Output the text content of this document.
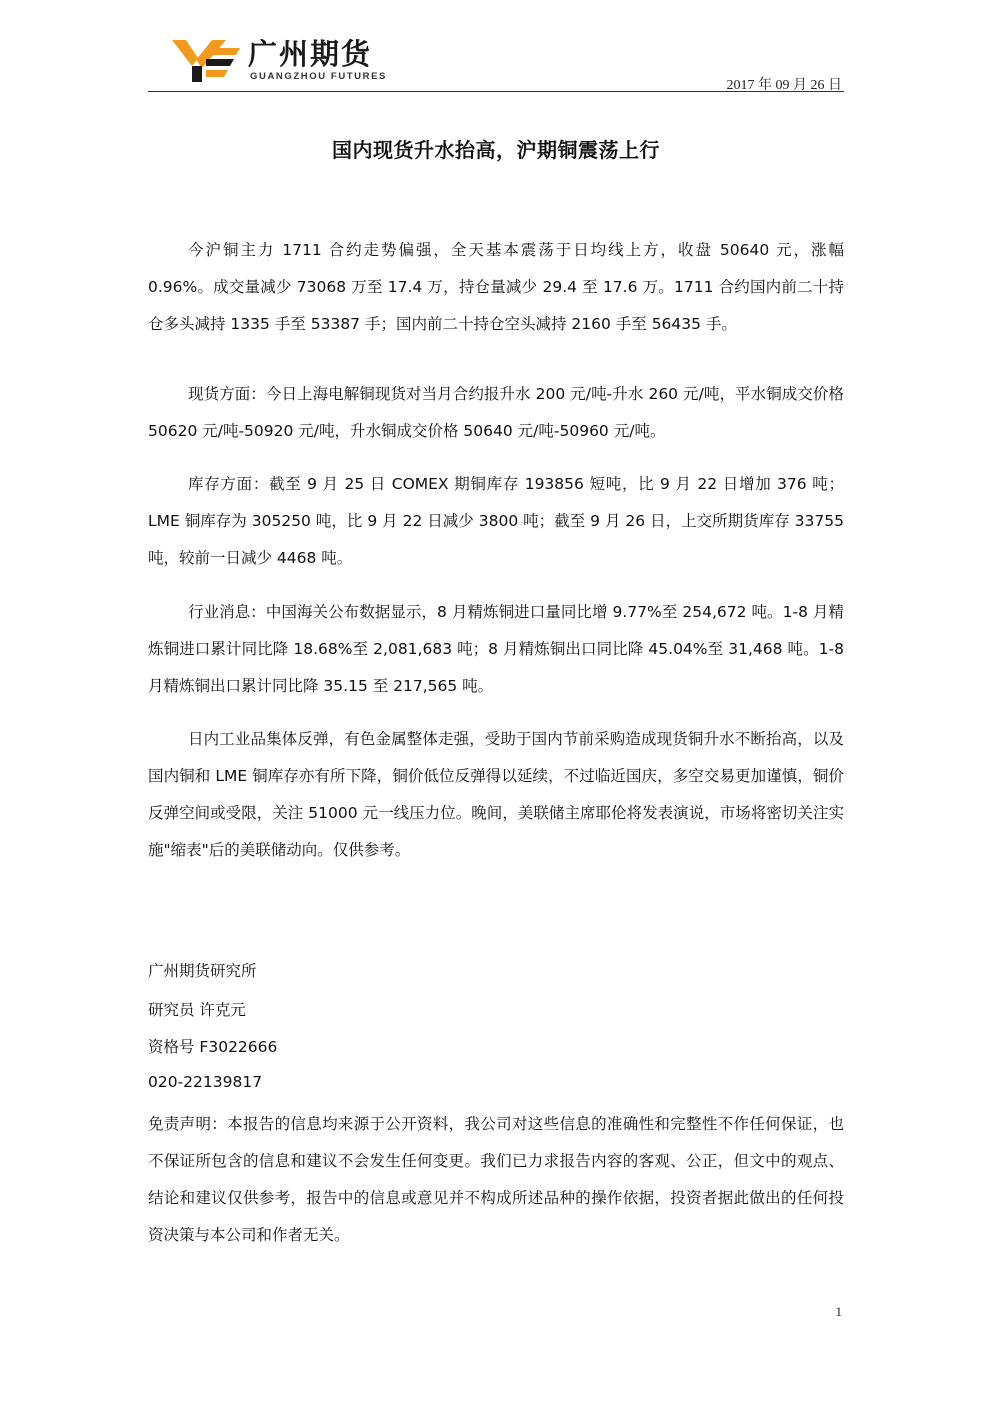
广州期货
GUANGZHOU FUTURES
2017 年 09 月 26 日
国内现货升水抬高，沪期铜震荡上行

今沪铜主力 1711 合约走势偏强，全天基本震荡于日均线上方，收盘 50640 元，涨幅 0.96%。成交量减少 73068 万至 17.4 万，持仓量减少 29.4 至 17.6 万。1711 合约国内前二十持仓多头减持 1335 手至 53387 手；国内前二十持仓空头减持 2160 手至 56435 手。

现货方面：今日上海电解铜现货对当月合约报升水 200 元/吨-升水 260 元/吨，平水铜成交价格 50620 元/吨-50920 元/吨，升水铜成交价格 50640 元/吨-50960 元/吨。

库存方面：截至 9 月 25 日 COMEX 期铜库存 193856 短吨，比 9 月 22 日增加 376 吨；LME 铜库存为 305250 吨，比 9 月 22 日减少 3800 吨；截至 9 月 26 日，上交所期货库存 33755 吨，较前一日减少 4468 吨。

行业消息：中国海关公布数据显示，8 月精炼铜进口量同比增 9.77%至 254,672 吨。1-8 月精炼铜进口累计同比降 18.68%至 2,081,683 吨；8 月精炼铜出口同比降 45.04%至 31,468 吨。1-8 月精炼铜出口累计同比降 35.15 至 217,565 吨。

日内工业品集体反弹，有色金属整体走强，受助于国内节前采购造成现货铜升水不断抬高，以及国内铜和 LME 铜库存亦有所下降，铜价低位反弹得以延续，不过临近国庆，多空交易更加谨慎，铜价反弹空间或受限，关注 51000 元一线压力位。晚间，美联储主席耶伦将发表演说，市场将密切关注实施"缩表"后的美联储动向。仅供参考。

广州期货研究所
研究员 许克元
资格号 F3022666
020-22139817

免责声明：本报告的信息均来源于公开资料，我公司对这些信息的准确性和完整性不作任何保证，也不保证所包含的信息和建议不会发生任何变更。我们已力求报告内容的客观、公正，但文中的观点、结论和建议仅供参考，报告中的信息或意见并不构成所述品种的操作依据，投资者据此做出的任何投资决策与本公司和作者无关。

1
